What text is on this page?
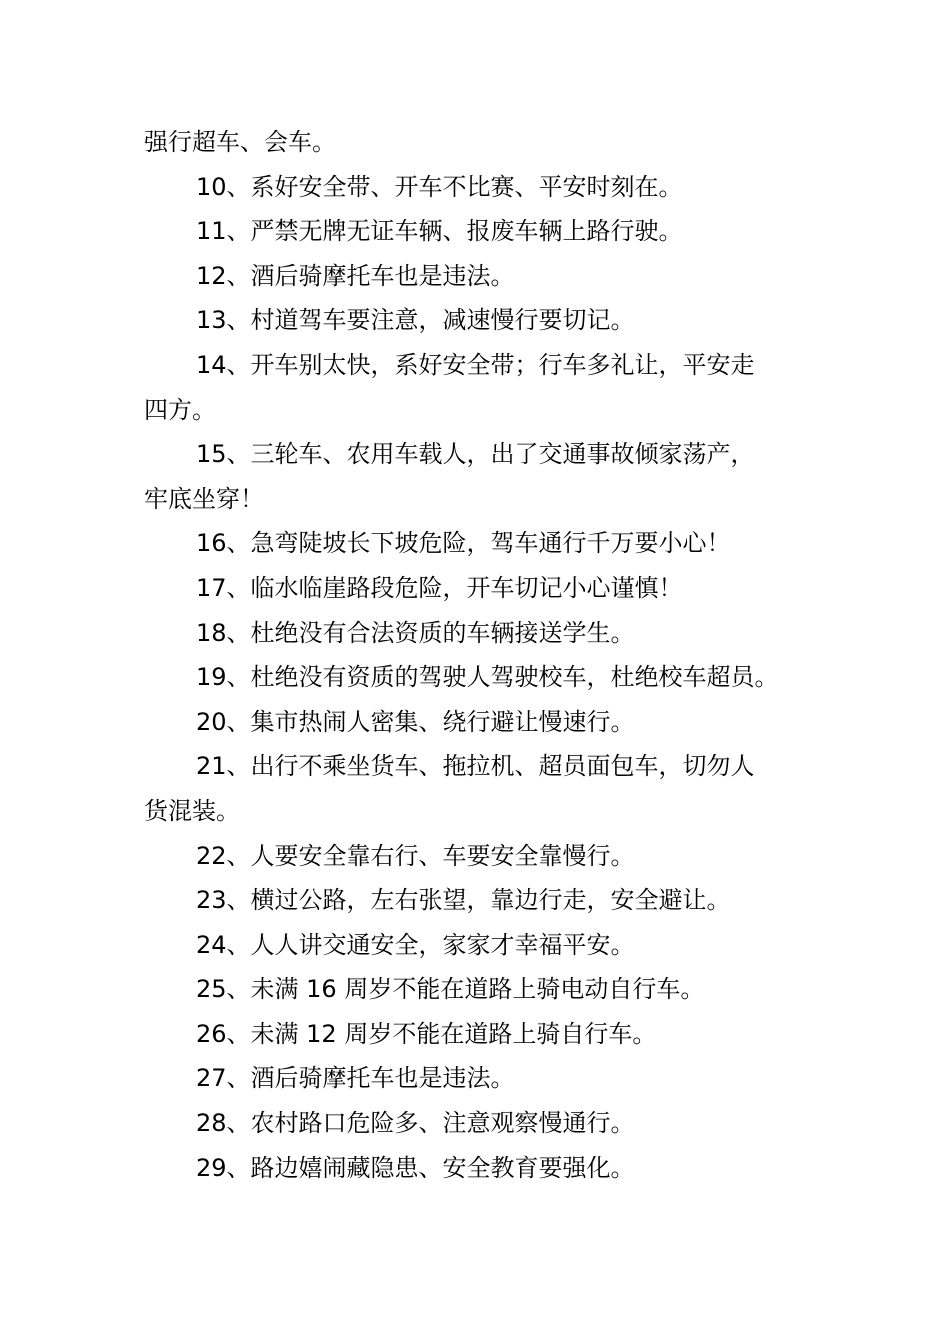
强行超车、会车。

10、系好安全带、开车不比赛、平安时刻在。

11、严禁无牌无证车辆、报废车辆上路行驶。

12、酒后骑摩托车也是违法。

13、村道驾车要注意，减速慢行要切记。

14、开车别太快，系好安全带；行车多礼让，平安走

四方。

15、三轮车、农用车载人，出了交通事故倾家荡产，

牢底坐穿！

16、急弯陡坡长下坡危险，驾车通行千万要小心！

17、临水临崖路段危险，开车切记小心谨慎！

18、杜绝没有合法资质的车辆接送学生。

19、杜绝没有资质的驾驶人驾驶校车，杜绝校车超员。

20、集市热闹人密集、绕行避让慢速行。

21、出行不乘坐货车、拖拉机、超员面包车，切勿人

货混装。

22、人要安全靠右行、车要安全靠慢行。

23、横过公路，左右张望，靠边行走，安全避让。

24、人人讲交通安全，家家才幸福平安。

25、未满 16 周岁不能在道路上骑电动自行车。

26、未满 12 周岁不能在道路上骑自行车。

27、酒后骑摩托车也是违法。

28、农村路口危险多、注意观察慢通行。

29、路边嬉闹藏隐患、安全教育要强化。
